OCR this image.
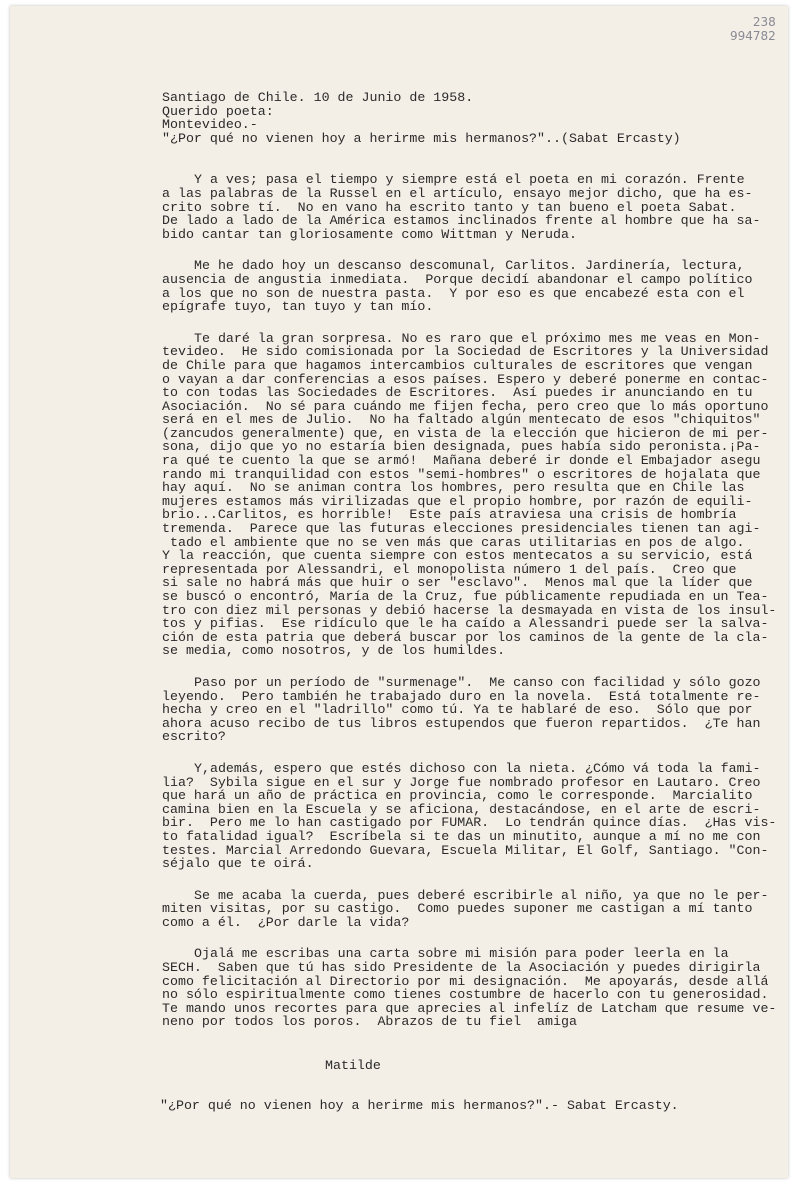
238
994782
Santiago de Chile. 10 de Junio de 1958.
Querido poeta:
Montevideo.-
"¿Por qué no vienen hoy a herirme mis hermanos?"..(Sabat Ercasty)
Y a ves; pasa el tiempo y siempre está el poeta en mi corazón. Frente
a las palabras de la Russel en el artículo, ensayo mejor dicho, que ha es-
crito sobre tí.  No en vano ha escrito tanto y tan bueno el poeta Sabat.
De lado a lado de la América estamos inclinados frente al hombre que ha sa-
bido cantar tan gloriosamente como Wittman y Neruda.
Me he dado hoy un descanso descomunal, Carlitos. Jardinería, lectura,
ausencia de angustia inmediata.  Porque decidí abandonar el campo político
a los que no son de nuestra pasta.  Y por eso es que encabezé esta con el
epígrafe tuyo, tan tuyo y tan mío.
Te daré la gran sorpresa. No es raro que el próximo mes me veas en Mon-
tevideo.  He sido comisionada por la Sociedad de Escritores y la Universidad
de Chile para que hagamos intercambios culturales de escritores que vengan
o vayan a dar conferencias a esos países. Espero y deberé ponerme en contac-
to con todas las Sociedades de Escritores.  Así puedes ir anunciando en tu
Asociación.  No sé para cuándo me fijen fecha, pero creo que lo más oportuno
será en el mes de Julio.  No ha faltado algún mentecato de esos "chiquitos"
(zancudos generalmente) que, en vista de la elección que hicieron de mi per-
sona, dijo que yo no estaría bien designada, pues había sido peronista.¡Pa-
ra qué te cuento la que se armó!  Mañana deberé ir donde el Embajador asegu
rando mi tranquilidad con estos "semi-hombres" o escritores de hojalata que
hay aquí.  No se animan contra los hombres, pero resulta que en Chile las
mujeres estamos más virilizadas que el propio hombre, por razón de equili-
brio...Carlitos, es horrible!  Este país atraviesa una crisis de hombría
tremenda.  Parece que las futuras elecciones presidenciales tienen tan agi-
tado el ambiente que no se ven más que caras utilitarias en pos de algo.
Y la reacción, que cuenta siempre con estos mentecatos a su servicio, está
representada por Alessandri, el monopolista número 1 del país.  Creo que
si sale no habrá más que huir o ser "esclavo".  Menos mal que la líder que
se buscó o encontró, María de la Cruz, fue públicamente repudiada en un Tea-
tro con diez mil personas y debió hacerse la desmayada en vista de los insul-
tos y pifias.  Ese ridículo que le ha caído a Alessandri puede ser la salva-
ción de esta patria que deberá buscar por los caminos de la gente de la cla-
se media, como nosotros, y de los humildes.
Paso por un período de "surmenage".  Me canso con facilidad y sólo gozo
leyendo.  Pero también he trabajado duro en la novela.  Está totalmente re-
hecha y creo en el "ladrillo" como tú. Ya te hablaré de eso.  Sólo que por
ahora acuso recibo de tus libros estupendos que fueron repartidos.  ¿Te han
escrito?
Y,además, espero que estés dichoso con la nieta. ¿Cómo vá toda la fami-
lia?  Sybila sigue en el sur y Jorge fue nombrado profesor en Lautaro. Creo
que hará un año de práctica en provincia, como le corresponde.  Marcialito
camina bien en la Escuela y se aficiona, destacándose, en el arte de escri-
bir.  Pero me lo han castigado por FUMAR.  Lo tendrán quince días.  ¿Has vis-
to fatalidad igual?  Escríbela si te das un minutito, aunque a mí no me con
testes. Marcial Arredondo Guevara, Escuela Militar, El Golf, Santiago. "Con-
séjalo que te oirá.
Se me acaba la cuerda, pues deberé escribirle al niño, ya que no le per-
miten visitas, por su castigo.  Como puedes suponer me castigan a mí tanto
como a él.  ¿Por darle la vida?
Ojalá me escribas una carta sobre mi misión para poder leerla en la
SECH.  Saben que tú has sido Presidente de la Asociación y puedes dirigirla
como felicitación al Directorio por mi designación.  Me apoyarás, desde allá
no sólo espiritualmente como tienes costumbre de hacerlo con tu generosidad.
Te mando unos recortes para que aprecies al infelíz de Latcham que resume ve-
neno por todos los poros.  Abrazos de tu fiel  amiga
Matilde
"¿Por qué no vienen hoy a herirme mis hermanos?".- Sabat Ercasty.
